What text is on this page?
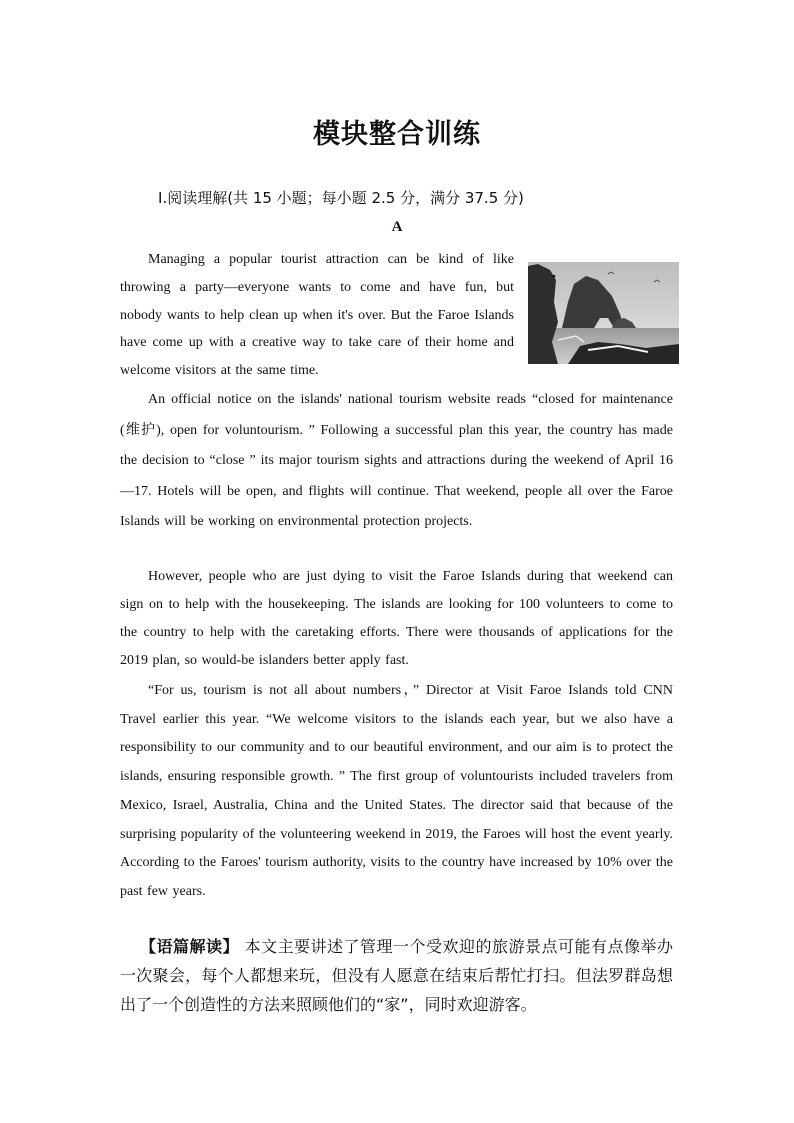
模块整合训练
Ⅰ.阅读理解(共 15 小题；每小题 2.5 分，满分 37.5 分)
A

Managing a popular tourist attraction can be kind of like throwing a party—everyone wants to come and have fun, but nobody wants to help clean up when it's over. But the Faroe Islands have come up with a creative way to take care of their home and welcome visitors at the same time.

An official notice on the islands' national tourism website reads “closed for maintenance (维护), open for voluntourism. ” Following a successful plan this year, the country has made the decision to “close ” its major tourism sights and attractions during the weekend of April 16—17. Hotels will be open, and flights will continue. That weekend, people all over the Faroe Islands will be working on environmental protection projects.

However, people who are just dying to visit the Faroe Islands during that weekend can sign on to help with the housekeeping. The islands are looking for 100 volunteers to come to the country to help with the caretaking efforts. There were thousands of applications for the 2019 plan, so would-be islanders better apply fast.

“For us, tourism is not all about numbers，” Director at Visit Faroe Islands told CNN Travel earlier this year. “We welcome visitors to the islands each year, but we also have a responsibility to our community and to our beautiful environment, and our aim is to protect the islands, ensuring responsible growth. ” The first group of voluntourists included travelers from Mexico, Israel, Australia, China and the United States. The director said that because of the surprising popularity of the volunteering weekend in 2019, the Faroes will host the event yearly. According to the Faroes' tourism authority, visits to the country have increased by 10% over the past few years.

【语篇解读】 本文主要讲述了管理一个受欢迎的旅游景点可能有点像举办一次聚会，每个人都想来玩，但没有人愿意在结束后帮忙打扫。但法罗群岛想出了一个创造性的方法来照顾他们的“家”，同时欢迎游客。
